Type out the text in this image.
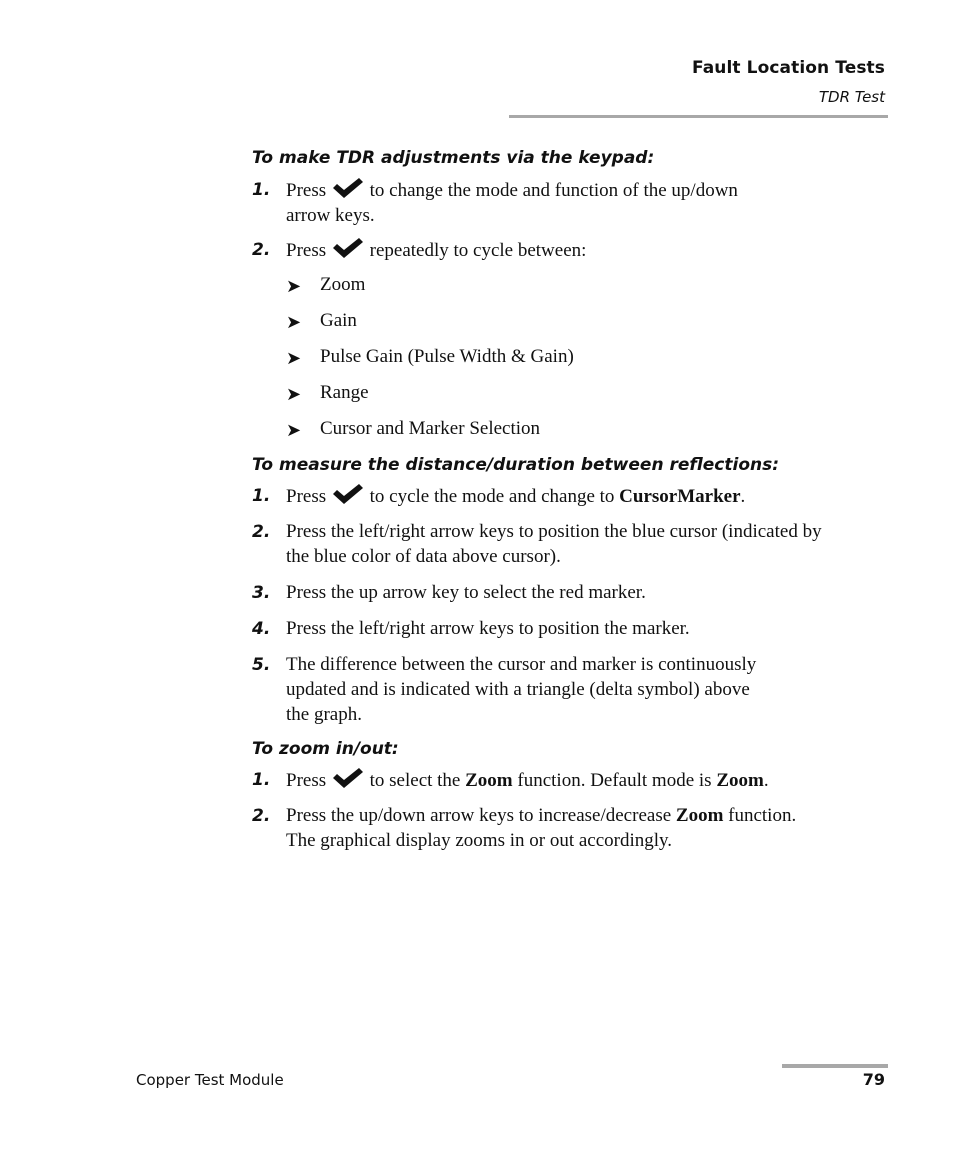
Fault Location Tests
TDR Test
To make TDR adjustments via the keypad:
1. Press to change the mode and function of the up/down
arrow keys.
2. Press repeatedly to cycle between:
➤ Zoom
➤ Gain
➤ Pulse Gain (Pulse Width & Gain)
➤ Range
➤ Cursor and Marker Selection
To measure the distance/duration between reflections:
1. Press to cycle the mode and change to CursorMarker.
2. Press the left/right arrow keys to position the blue cursor (indicated by
the blue color of data above cursor).
3. Press the up arrow key to select the red marker.
4. Press the left/right arrow keys to position the marker.
5. The difference between the cursor and marker is continuously
updated and is indicated with a triangle (delta symbol) above
the graph.
To zoom in/out:
1. Press to select the Zoom function. Default mode is Zoom.
2. Press the up/down arrow keys to increase/decrease Zoom function.
The graphical display zooms in or out accordingly.
Copper Test Module	79
